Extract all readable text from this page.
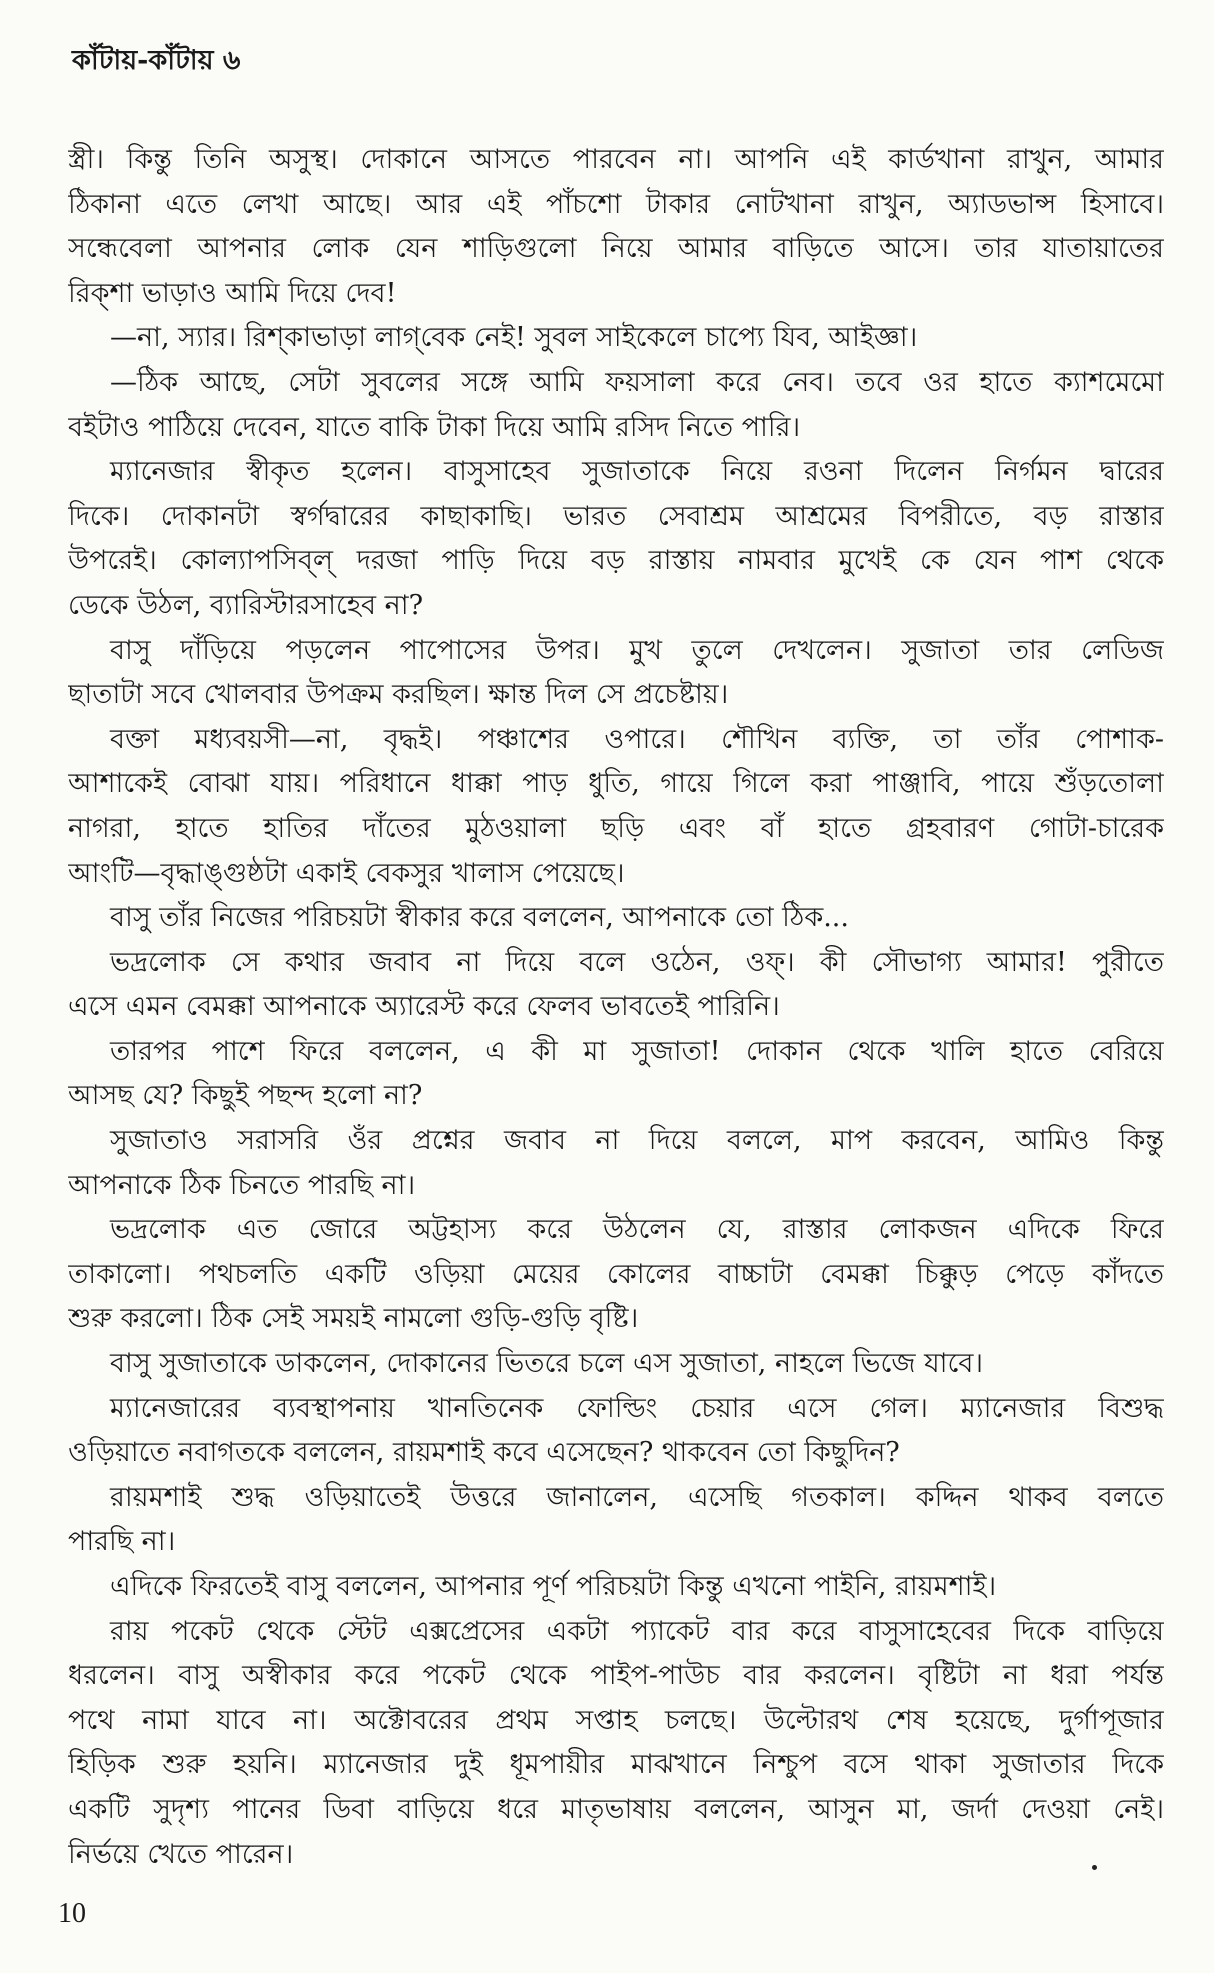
কাঁটায়-কাঁটায় ৬
স্ত্রী। কিন্তু তিনি অসুস্থ। দোকানে আসতে পারবেন না। আপনি এই কার্ডখানা রাখুন, আমার
ঠিকানা এতে লেখা আছে। আর এই পাঁচশো টাকার নোটখানা রাখুন, অ্যাডভান্স হিসাবে।
সন্ধেবেলা আপনার লোক যেন শাড়িগুলো নিয়ে আমার বাড়িতে আসে। তার যাতায়াতের
রিক্‌শা ভাড়াও আমি দিয়ে দেব!
—না, স্যার। রিশ্‌কাভাড়া লাগ্‌বেক নেই! সুবল সাইকেলে চাপ্যে যিব, আইজ্ঞা।
—ঠিক আছে, সেটা সুবলের সঙ্গে আমি ফয়সালা করে নেব। তবে ওর হাতে ক্যাশমেমো
বইটাও পাঠিয়ে দেবেন, যাতে বাকি টাকা দিয়ে আমি রসিদ নিতে পারি।
ম্যানেজার স্বীকৃত হলেন। বাসুসাহেব সুজাতাকে নিয়ে রওনা দিলেন নির্গমন দ্বারের
দিকে। দোকানটা স্বর্গদ্বারের কাছাকাছি। ভারত সেবাশ্রম আশ্রমের বিপরীতে, বড় রাস্তার
উপরেই। কোল্যাপসিব্‌ল্‌ দরজা পাড়ি দিয়ে বড় রাস্তায় নামবার মুখেই কে যেন পাশ থেকে
ডেকে উঠল, ব্যারিস্টারসাহেব না?
বাসু দাঁড়িয়ে পড়লেন পাপোসের উপর। মুখ তুলে দেখলেন। সুজাতা তার লেডিজ
ছাতাটা সবে খোলবার উপক্রম করছিল। ক্ষান্ত দিল সে প্রচেষ্টায়।
বক্তা মধ্যবয়সী—না, বৃদ্ধই। পঞ্চাশের ওপারে। শৌখিন ব্যক্তি, তা তাঁর পোশাক-
আশাকেই বোঝা যায়। পরিধানে ধাক্কা পাড় ধুতি, গায়ে গিলে করা পাঞ্জাবি, পায়ে শুঁড়তোলা
নাগরা, হাতে হাতির দাঁতের মুঠওয়ালা ছড়ি এবং বাঁ হাতে গ্রহবারণ গোটা-চারেক
আংটি—বৃদ্ধাঙ্গুষ্ঠটা একাই বেকসুর খালাস পেয়েছে।
বাসু তাঁর নিজের পরিচয়টা স্বীকার করে বললেন, আপনাকে তো ঠিক...
ভদ্রলোক সে কথার জবাব না দিয়ে বলে ওঠেন, ওফ্‌। কী সৌভাগ্য আমার! পুরীতে
এসে এমন বেমক্কা আপনাকে অ্যারেস্ট করে ফেলব ভাবতেই পারিনি।
তারপর পাশে ফিরে বললেন, এ কী মা সুজাতা! দোকান থেকে খালি হাতে বেরিয়ে
আসছ যে? কিছুই পছন্দ হলো না?
সুজাতাও সরাসরি ওঁর প্রশ্নের জবাব না দিয়ে বললে, মাপ করবেন, আমিও কিন্তু
আপনাকে ঠিক চিনতে পারছি না।
ভদ্রলোক এত জোরে অট্টহাস্য করে উঠলেন যে, রাস্তার লোকজন এদিকে ফিরে
তাকালো। পথচলতি একটি ওড়িয়া মেয়ের কোলের বাচ্চাটা বেমক্কা চিক্কুড় পেড়ে কাঁদতে
শুরু করলো। ঠিক সেই সময়ই নামলো গুড়ি-গুড়ি বৃষ্টি।
বাসু সুজাতাকে ডাকলেন, দোকানের ভিতরে চলে এস সুজাতা, নাহলে ভিজে যাবে।
ম্যানেজারের ব্যবস্থাপনায় খানতিনেক ফোল্ডিং চেয়ার এসে গেল। ম্যানেজার বিশুদ্ধ
ওড়িয়াতে নবাগতকে বললেন, রায়মশাই কবে এসেছেন? থাকবেন তো কিছুদিন?
রায়মশাই শুদ্ধ ওড়িয়াতেই উত্তরে জানালেন, এসেছি গতকাল। কদ্দিন থাকব বলতে
পারছি না।
এদিকে ফিরতেই বাসু বললেন, আপনার পূর্ণ পরিচয়টা কিন্তু এখনো পাইনি, রায়মশাই।
রায় পকেট থেকে স্টেট এক্সপ্রেসের একটা প্যাকেট বার করে বাসুসাহেবের দিকে বাড়িয়ে
ধরলেন। বাসু অস্বীকার করে পকেট থেকে পাইপ-পাউচ বার করলেন। বৃষ্টিটা না ধরা পর্যন্ত
পথে নামা যাবে না। অক্টোবরের প্রথম সপ্তাহ চলছে। উল্টোরথ শেষ হয়েছে, দুর্গাপূজার
হিড়িক শুরু হয়নি। ম্যানেজার দুই ধূমপায়ীর মাঝখানে নিশ্চুপ বসে থাকা সুজাতার দিকে
একটি সুদৃশ্য পানের ডিবা বাড়িয়ে ধরে মাতৃভাষায় বললেন, আসুন মা, জর্দা দেওয়া নেই।
নির্ভয়ে খেতে পারেন।
10
